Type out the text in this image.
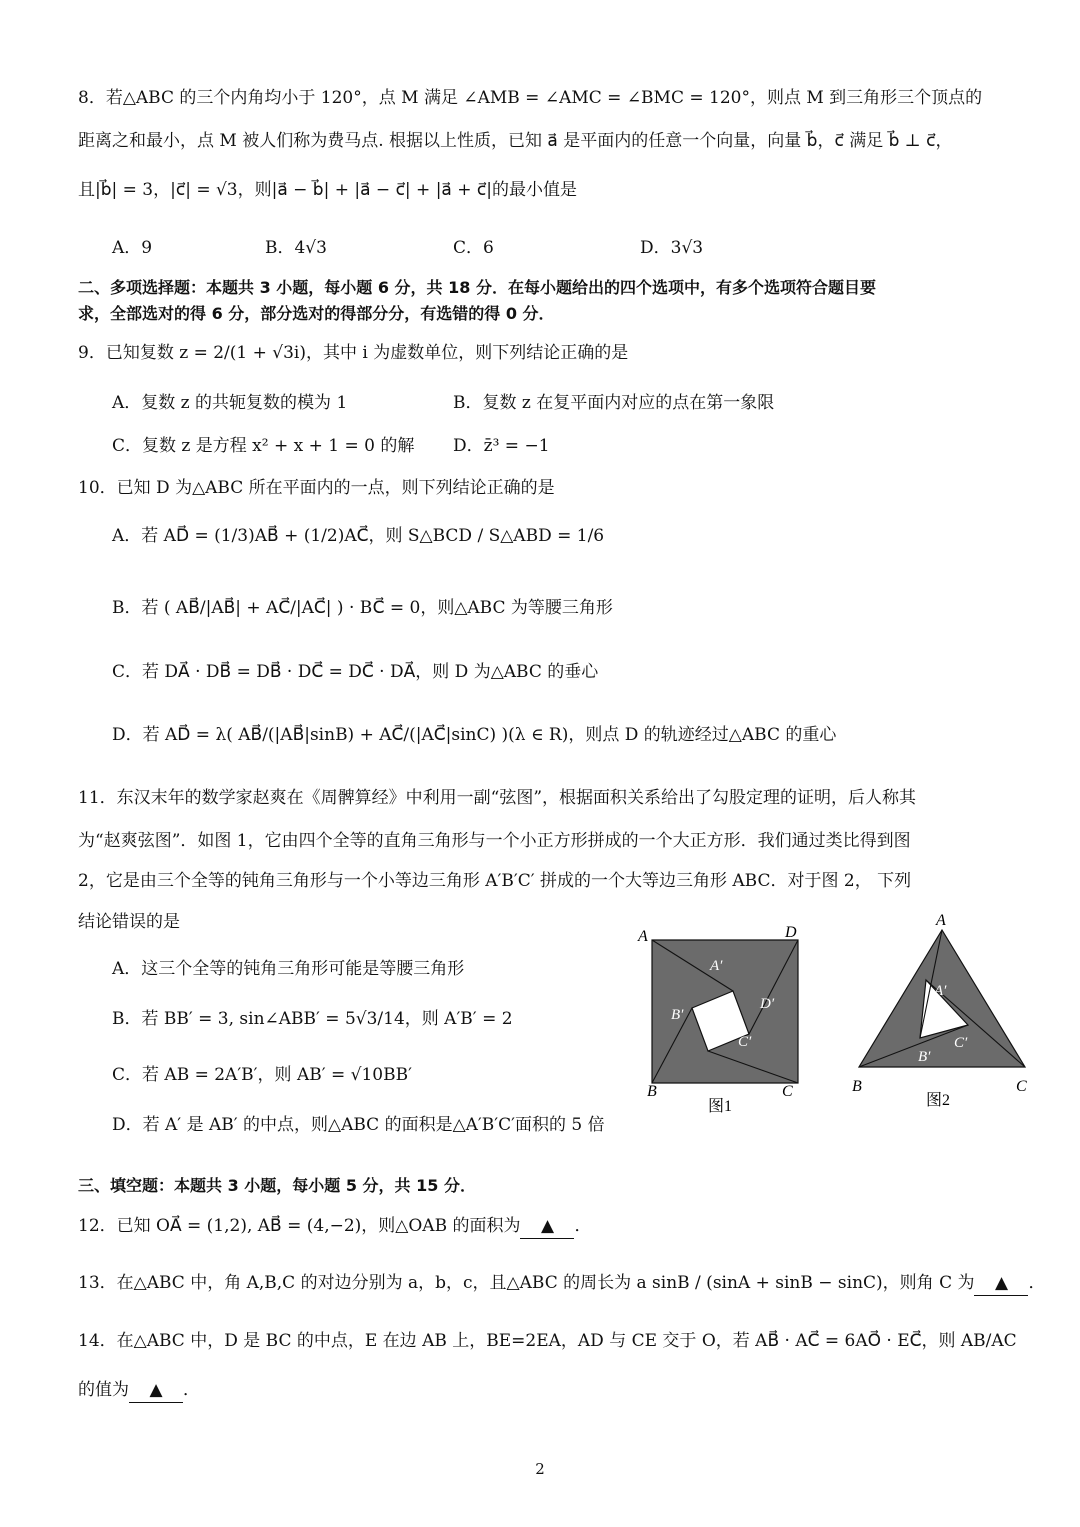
8．若△ABC 的三个内角均小于 120°，点 M 满足 ∠AMB = ∠AMC = ∠BMC = 120°，则点 M 到三角形三个顶点的
距离之和最小，点 M 被人们称为费马点. 根据以上性质，已知 a⃗ 是平面内的任意一个向量，向量 b⃗，c⃗ 满足 b⃗ ⊥ c⃗，
且|b⃗| = 3，|c⃗| = √3，则|a⃗ − b⃗| + |a⃗ − c⃗| + |a⃗ + c⃗|的最小值是
A．9	B．4√3	C．6	D．3√3
二、多项选择题：本题共 3 小题，每小题 6 分，共 18 分．在每小题给出的四个选项中，有多个选项符合题目要
求，全部选对的得 6 分，部分选对的得部分分，有选错的得 0 分．
9．已知复数 z = 2/(1 + √3i)，其中 i 为虚数单位，则下列结论正确的是
A．复数 z 的共轭复数的模为 1	B．复数 z 在复平面内对应的点在第一象限
C．复数 z 是方程 x² + x + 1 = 0 的解 D．z̄³ = −1
10．已知 D 为△ABC 所在平面内的一点，则下列结论正确的是
A．若 AD⃗ = (1/3)AB⃗ + (1/2)AC⃗，则 S△BCD / S△ABD = 1/6
B．若 ( AB⃗/|AB⃗| + AC⃗/|AC⃗| ) · BC⃗ = 0，则△ABC 为等腰三角形
C．若 DA⃗ · DB⃗ = DB⃗ · DC⃗ = DC⃗ · DA⃗，则 D 为△ABC 的垂心
D．若 AD⃗ = λ( AB⃗/(|AB⃗|sinB) + AC⃗/(|AC⃗|sinC) )(λ ∈ R)，则点 D 的轨迹经过△ABC 的重心
11．东汉末年的数学家赵爽在《周髀算经》中利用一副“弦图”，根据面积关系给出了勾股定理的证明，后人称其
为“赵爽弦图”．如图 1，它由四个全等的直角三角形与一个小正方形拼成的一个大正方形．我们通过类比得到图
2，它是由三个全等的钝角三角形与一个小等边三角形 A′B′C′ 拼成的一个大等边三角形 ABC．对于图 2， 下列
结论错误的是
A．这三个全等的钝角三角形可能是等腰三角形
B．若 BB′ = 3, sin∠ABB′ = 5√3/14，则 A′B′ = 2
C．若 AB = 2A′B′，则 AB′ = √10BB′
D．若 A′ 是 AB′ 的中点，则△ABC 的面积是△A′B′C′面积的 5 倍
A	D
B	C
A′
D′
B′
C′
图1
A
B	C
A′
C′
B′
图2
三、填空题：本题共 3 小题，每小题 5 分，共 15 分．
12．已知 OA⃗ = (1,2), AB⃗ = (4,−2)，则△OAB 的面积为 ▲ ．
13．在△ABC 中，角 A,B,C 的对边分别为 a，b，c，且△ABC 的周长为 a sinB / (sinA + sinB − sinC)，则角 C 为 ▲ ．
14．在△ABC 中，D 是 BC 的中点，E 在边 AB 上，BE=2EA，AD 与 CE 交于 O，若 AB⃗ · AC⃗ = 6AO⃗ · EC⃗，则 AB/AC
的值为 ▲ ．
2
